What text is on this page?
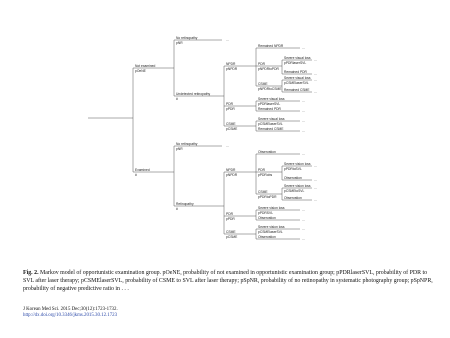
Not examined
pOeNE
No retinopathy
pNR
...
Undetected retinopathy
#
NPDR
pNPDR
Remained NPDR
...
pNPDRtoPDR
PDR
Severe visual loss
pPDRlaserSVL
...
Remained PDR
...
CSME
pNPDRtoCSME
Severe visual loss
pCSMElaserSVL
...
Remained CSME
...
PDR
pPDR
Severe visual loss
pPDRlaserSVL
...
Remained PDR
...
CSME
pCSME
Severe visual loss
pCSMElaserSVL
...
Remained CSME
...
Examined
#
No retinopathy
pNR
...
Retinopathy
#
NPDR
pNPDR
Observation
...
PDR
pPDRobs
Severe vision loss
pPDRtoSVL
...
Observation
...
CSME
pPDRtoPDR
Severe vision loss
pCSMEtoSVL
...
Observation
...
PDR
pPDR
Severe vision loss
pPDRSVL
...
Observation
...
CSME
pCSME
Severe vision loss
pCSMElaserSVL
...
Observation
...
Fig. 2. Markov model of opportunistic examination group. pOeNE, probability of not examined in opportunistic examination group; pPDRlaserSVL, probability of PDR to SVL after laser therapy; pCSMElaserSVL, probability of CSME to SVL after laser therapy; pSpNR, probability of no retinopathy in systematic photography group; pSpNPR, probability of negative predictive ratio in . . .
J Korean Med Sci. 2015 Dec;30(12):1723-1732.
http://dx.doi.org/10.3346/jkms.2015.30.12.1723
